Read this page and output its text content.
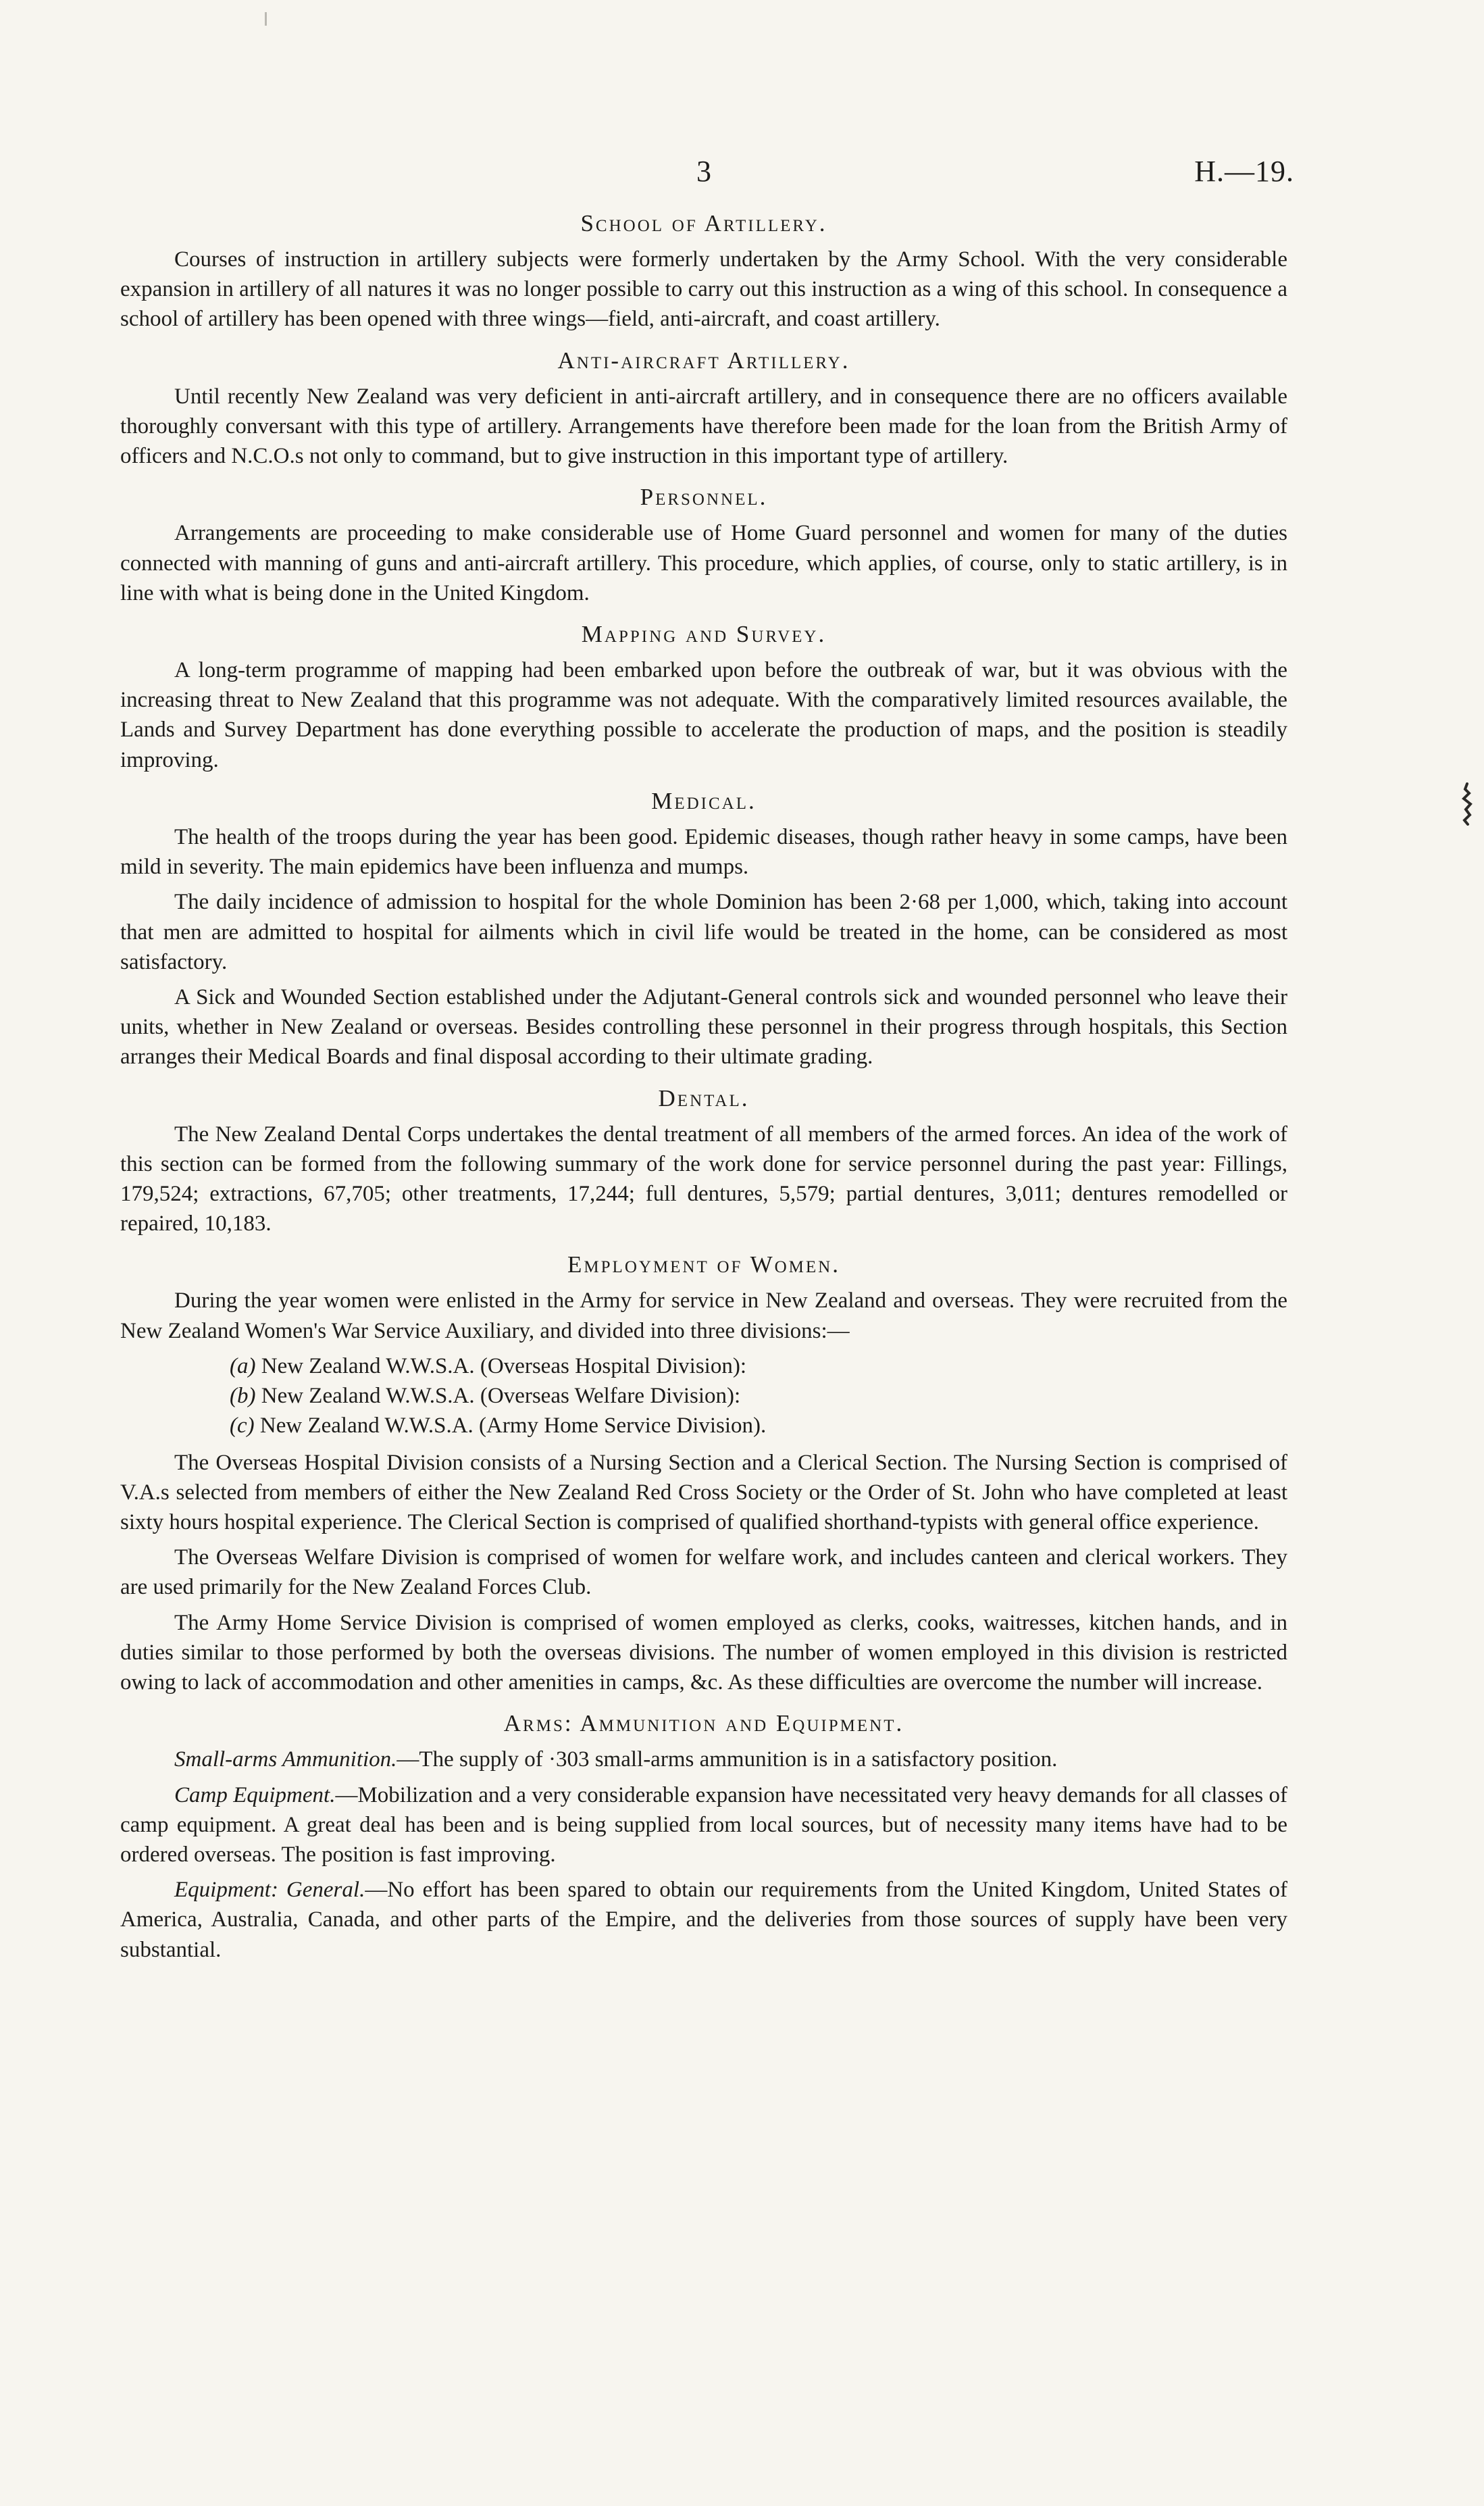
3	H.—19.
School of Artillery.

Courses of instruction in artillery subjects were formerly undertaken by the Army School. With the very considerable expansion in artillery of all natures it was no longer possible to carry out this instruction as a wing of this school. In consequence a school of artillery has been opened with three wings—field, anti-aircraft, and coast artillery.

Anti-aircraft Artillery.

Until recently New Zealand was very deficient in anti-aircraft artillery, and in consequence there are no officers available thoroughly conversant with this type of artillery. Arrangements have therefore been made for the loan from the British Army of officers and N.C.O.s not only to command, but to give instruction in this important type of artillery.

Personnel.

Arrangements are proceeding to make considerable use of Home Guard personnel and women for many of the duties connected with manning of guns and anti-aircraft artillery. This procedure, which applies, of course, only to static artillery, is in line with what is being done in the United Kingdom.

Mapping and Survey.

A long-term programme of mapping had been embarked upon before the outbreak of war, but it was obvious with the increasing threat to New Zealand that this programme was not adequate. With the comparatively limited resources available, the Lands and Survey Department has done everything possible to accelerate the production of maps, and the position is steadily improving.

Medical.

The health of the troops during the year has been good. Epidemic diseases, though rather heavy in some camps, have been mild in severity. The main epidemics have been influenza and mumps.

The daily incidence of admission to hospital for the whole Dominion has been 2·68 per 1,000, which, taking into account that men are admitted to hospital for ailments which in civil life would be treated in the home, can be considered as most satisfactory.

A Sick and Wounded Section established under the Adjutant-General controls sick and wounded personnel who leave their units, whether in New Zealand or overseas. Besides controlling these personnel in their progress through hospitals, this Section arranges their Medical Boards and final disposal according to their ultimate grading.

Dental.

The New Zealand Dental Corps undertakes the dental treatment of all members of the armed forces. An idea of the work of this section can be formed from the following summary of the work done for service personnel during the past year: Fillings, 179,524; extractions, 67,705; other treatments, 17,244; full dentures, 5,579; partial dentures, 3,011; dentures remodelled or repaired, 10,183.

Employment of Women.

During the year women were enlisted in the Army for service in New Zealand and overseas. They were recruited from the New Zealand Women's War Service Auxiliary, and divided into three divisions:—

(a) New Zealand W.W.S.A. (Overseas Hospital Division):
(b) New Zealand W.W.S.A. (Overseas Welfare Division):
(c) New Zealand W.W.S.A. (Army Home Service Division).

The Overseas Hospital Division consists of a Nursing Section and a Clerical Section. The Nursing Section is comprised of V.A.s selected from members of either the New Zealand Red Cross Society or the Order of St. John who have completed at least sixty hours hospital experience. The Clerical Section is comprised of qualified shorthand-typists with general office experience.

The Overseas Welfare Division is comprised of women for welfare work, and includes canteen and clerical workers. They are used primarily for the New Zealand Forces Club.

The Army Home Service Division is comprised of women employed as clerks, cooks, waitresses, kitchen hands, and in duties similar to those performed by both the overseas divisions. The number of women employed in this division is restricted owing to lack of accommodation and other amenities in camps, &c. As these difficulties are overcome the number will increase.

Arms: Ammunition and Equipment.

Small-arms Ammunition.—The supply of ·303 small-arms ammunition is in a satisfactory position.

Camp Equipment.—Mobilization and a very considerable expansion have necessitated very heavy demands for all classes of camp equipment. A great deal has been and is being supplied from local sources, but of necessity many items have had to be ordered overseas. The position is fast improving.

Equipment: General.—No effort has been spared to obtain our requirements from the United Kingdom, United States of America, Australia, Canada, and other parts of the Empire, and the deliveries from those sources of supply have been very substantial.
